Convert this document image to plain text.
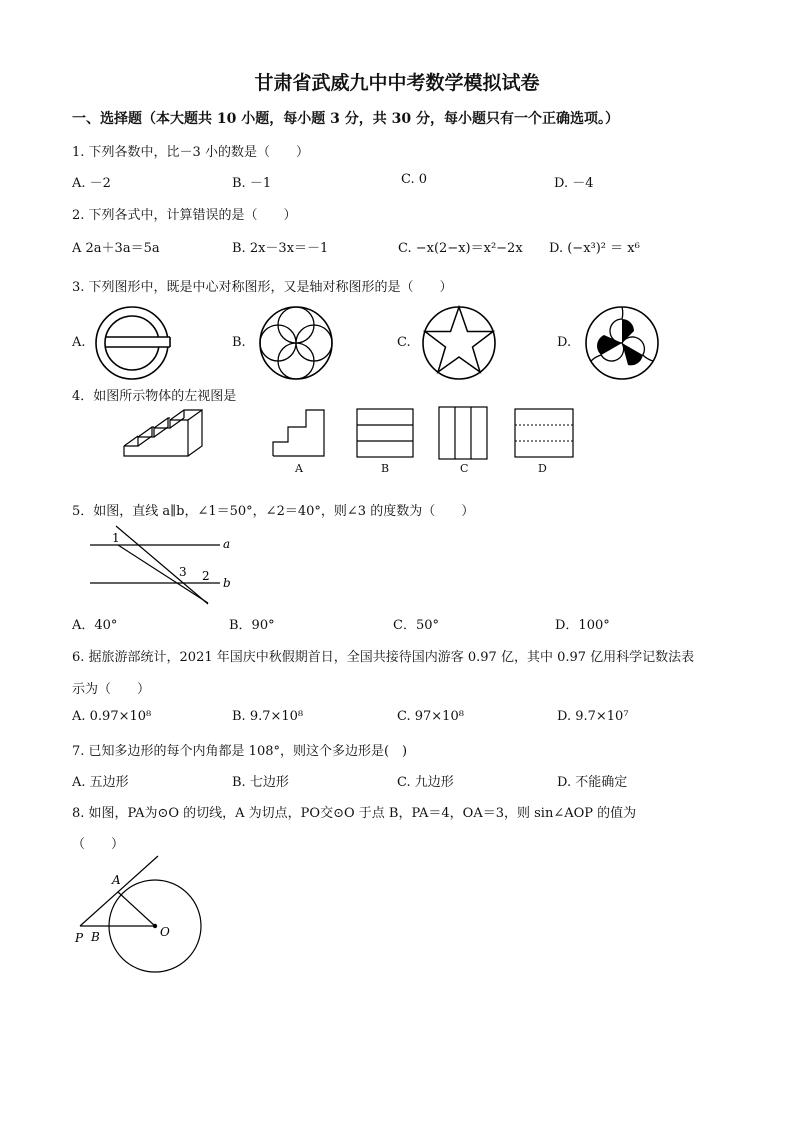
甘肃省武威九中中考数学模拟试卷
一、选择题（本大题共 10 小题，每小题 3 分，共 30 分，每小题只有一个正确选项。）
1. 下列各数中，比－3 小的数是（　　）
A. －2	B. －1	C. 0	D. －4
2. 下列各式中，计算错误的是（　　）
A 2a＋3a＝5a	B. 2x－3x＝－1	C. −x(2−x)＝x²−2x D. (−x³)² ＝ x⁶
3. 下列图形中，既是中心对称图形，又是轴对称图形的是（　　）
A.	B.	C.	D.
4．如图所示物体的左视图是
A	B	C	D
5．如图，直线 a∥b，∠1＝50°，∠2＝40°，则∠3 的度数为（　　）
1
3 2
a
b
A．40°	B．90°	C．50°	D．100°
6. 据旅游部统计，2021 年国庆中秋假期首日，全国共接待国内游客 0.97 亿，其中 0.97 亿用科学记数法表
示为（　　）
A. 0.97×10⁸	B. 9.7×10⁸	C. 97×10⁸	D. 9.7×10⁷
7. 已知多边形的每个内角都是 108°，则这个多边形是(　)
A. 五边形	B. 七边形	C. 九边形	D. 不能确定
8. 如图，PA为⊙O 的切线，A 为切点，PO交⊙O 于点 B，PA＝4，OA＝3，则 sin∠AOP 的值为
（　　）
A
P B	O
